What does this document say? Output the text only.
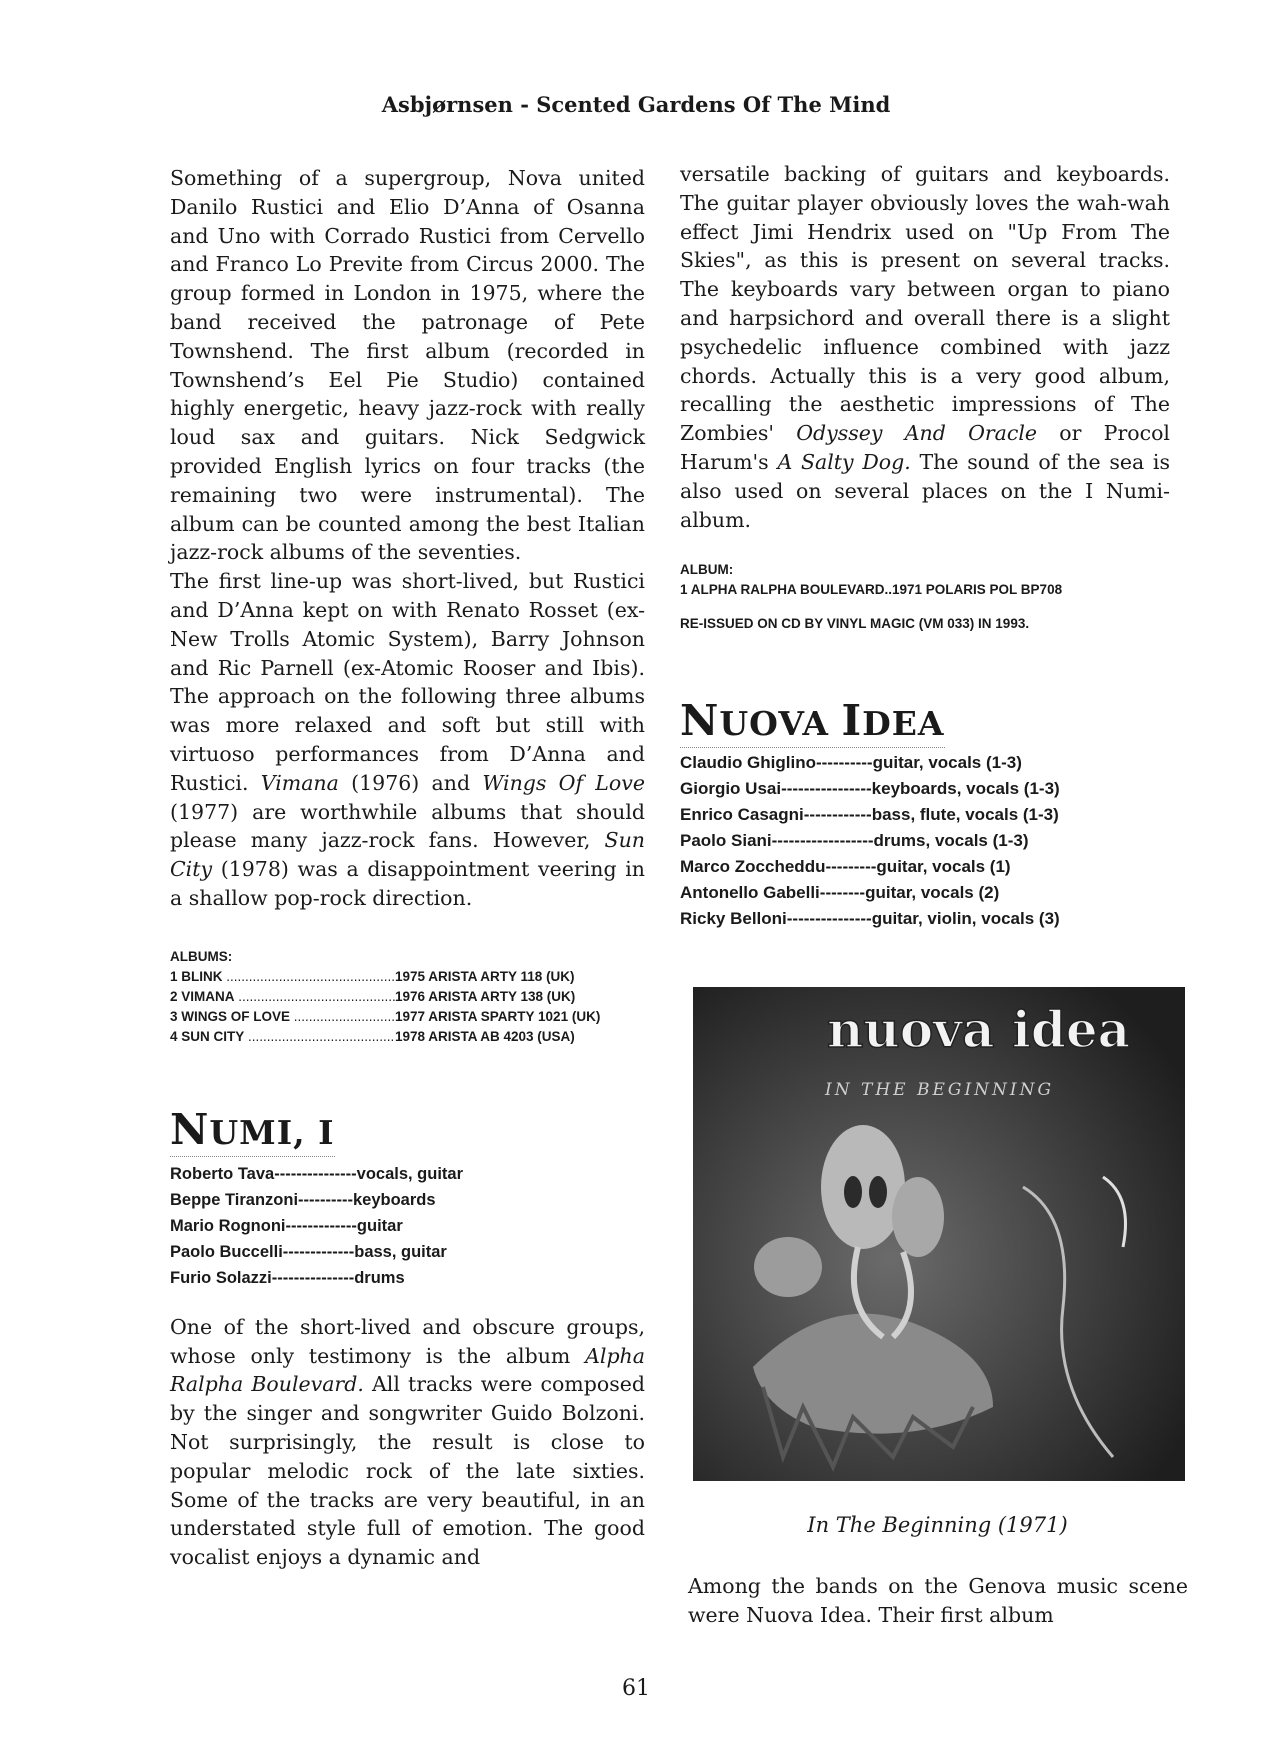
Asbjørnsen - Scented Gardens Of The Mind

Something of a supergroup, Nova united Danilo Rustici and Elio D’Anna of Osanna and Uno with Corrado Rustici from Cervello and Franco Lo Previte from Circus 2000. The group formed in London in 1975, where the band received the patronage of Pete Townshend. The first album (recorded in Townshend’s Eel Pie Studio) contained highly energetic, heavy jazz-rock with really loud sax and guitars. Nick Sedgwick provided English lyrics on four tracks (the remaining two were instrumental). The album can be counted among the best Italian jazz-rock albums of the seventies.

The first line-up was short-lived, but Rustici and D’Anna kept on with Renato Rosset (ex-New Trolls Atomic System), Barry Johnson and Ric Parnell (ex-Atomic Rooser and Ibis). The approach on the following three albums was more relaxed and soft but still with virtuoso performances from D’Anna and Rustici. Vimana (1976) and Wings Of Love (1977) are worthwhile albums that should please many jazz-rock fans. However, Sun City (1978) was a disappointment veering in a shallow pop-rock direction.

ALBUMS:
1 BLINK .....	1975 ARISTA ARTY 118 (UK)
2 VIMANA .....	1976 ARISTA ARTY 138 (UK)
3 WINGS OF LOVE .....	1977 ARISTA SPARTY 1021 (UK)
4 SUN CITY .....	1978 ARISTA AB 4203 (USA)
NUMI, I
Roberto Tava --------------- vocals, guitar
Beppe Tiranzoni ---------- keyboards
Mario Rognoni ------------- guitar
Paolo Buccelli ------------- bass, guitar
Furio Solazzi --------------- drums

One of the short-lived and obscure groups, whose only testimony is the album Alpha Ralpha Boulevard. All tracks were composed by the singer and songwriter Guido Bolzoni. Not surprisingly, the result is close to popular melodic rock of the late sixties. Some of the tracks are very beautiful, in an understated style full of emotion. The good vocalist enjoys a dynamic and

versatile backing of guitars and keyboards. The guitar player obviously loves the wah-wah effect Jimi Hendrix used on "Up From The Skies", as this is present on several tracks. The keyboards vary between organ to piano and harpsichord and overall there is a slight psychedelic influence combined with jazz chords. Actually this is a very good album, recalling the aesthetic impressions of The Zombies' Odyssey And Oracle or Procol Harum's A Salty Dog. The sound of the sea is also used on several places on the I Numi-album.

ALBUM:
1 ALPHA RALPHA BOULEVARD..1971 POLARIS POL BP708
RE-ISSUED ON CD BY VINYL MAGIC (VM 033) IN 1993.
NUOVA IDEA
Claudio Ghiglino ---------- guitar, vocals (1-3)
Giorgio Usai ---------------- keyboards, vocals (1-3)
Enrico Casagni ------------ bass, flute, vocals (1-3)
Paolo Siani ------------------ drums, vocals (1-3)
Marco Zoccheddu --------- guitar, vocals (1)
Antonello Gabelli -------- guitar, vocals (2)
Ricky Belloni --------------- guitar, violin, vocals (3)
nuova idea
IN THE BEGINNING
In The Beginning (1971)

Among the bands on the Genova music scene were Nuova Idea. Their first album

61
